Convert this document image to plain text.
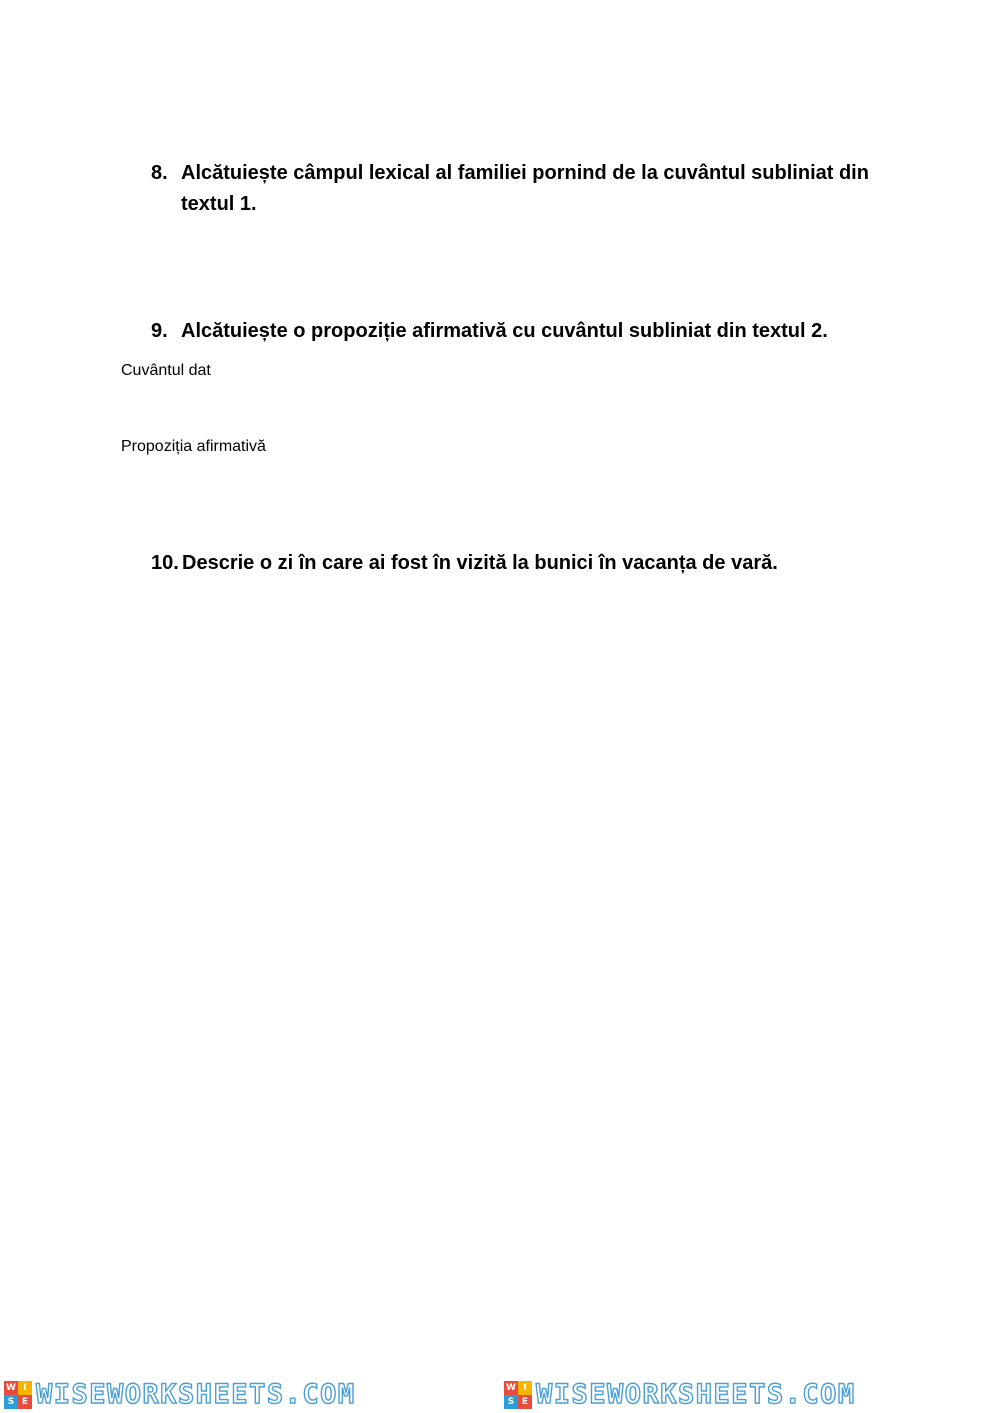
8. Alcătuiește câmpul lexical al familiei pornind de la cuvântul subliniat din
textul 1.
9. Alcătuiește o propoziție afirmativă cu cuvântul subliniat din textul 2.
Cuvântul dat
Propoziția afirmativă
10. Descrie o zi în care ai fost în vizită la bunici în vacanța de vară.
W I
S E WISEWORKSHEETS.COM	W I
S E WISEWORKSHEETS.COM
